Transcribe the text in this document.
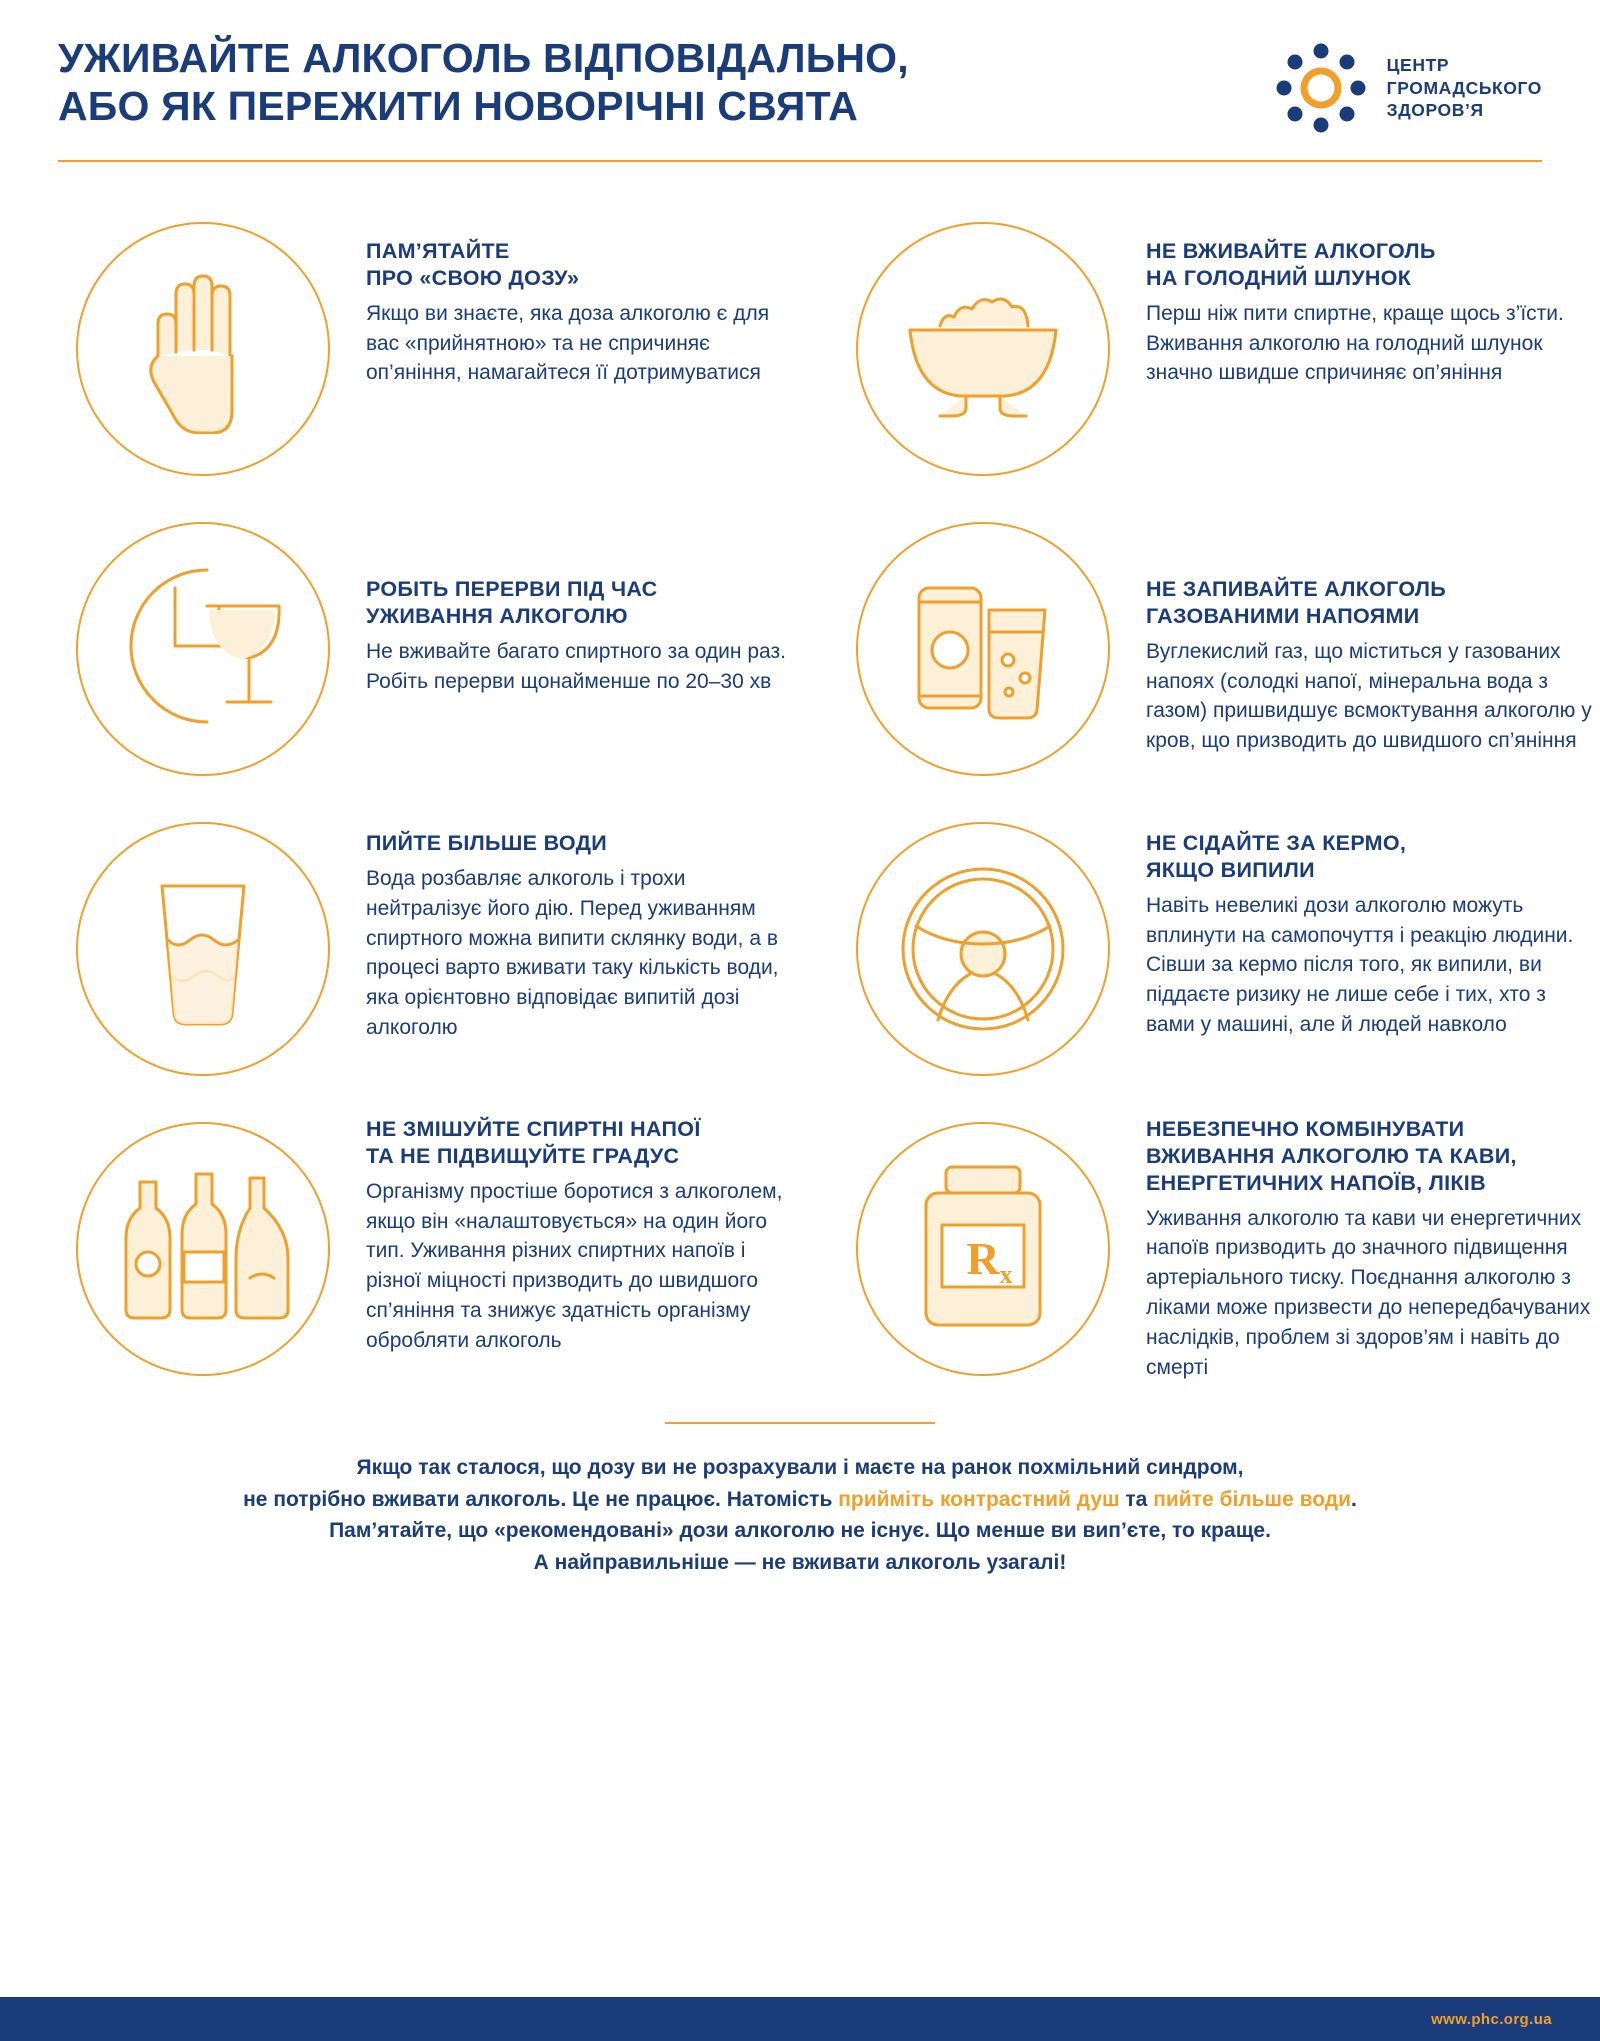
УЖИВАЙТЕ АЛКОГОЛЬ ВІДПОВІДАЛЬНО,
АБО ЯК ПЕРЕЖИТИ НОВОРІЧНІ СВЯТА
ЦЕНТР
ГРОМАДСЬКОГО
ЗДОРОВ’Я
ПАМ’ЯТАЙТЕ
ПРО «СВОЮ ДОЗУ»
Якщо ви знаєте, яка доза алкоголю є для вас «прийнятною» та не спричиняє оп’яніння, намагайтеся її дотримуватися
НЕ ВЖИВАЙТЕ АЛКОГОЛЬ
НА ГОЛОДНИЙ ШЛУНОК
Перш ніж пити спиртне, краще щось з’їсти. Вживання алкоголю на голодний шлунок значно швидше спричиняє оп’яніння
РОБІТЬ ПЕРЕРВИ ПІД ЧАС
УЖИВАННЯ АЛКОГОЛЮ
Не вживайте багато спиртного за один раз. Робіть перерви щонайменше по 20–30 хв
НЕ ЗАПИВАЙТЕ АЛКОГОЛЬ
ГАЗОВАНИМИ НАПОЯМИ
Вуглекислий газ, що міститься у газованих напоях (солодкі напої, мінеральна вода з газом) пришвидшує всмоктування алкоголю у кров, що призводить до швидшого сп’яніння
ПИЙТЕ БІЛЬШЕ ВОДИ
Вода розбавляє алкоголь і трохи нейтралізує його дію. Перед уживанням спиртного можна випити склянку води, а в процесі варто вживати таку кількість води, яка орієнтовно відповідає випитій дозі алкоголю
НЕ СІДАЙТЕ ЗА КЕРМО,
ЯКЩО ВИПИЛИ
Навіть невеликі дози алкоголю можуть вплинути на самопочуття і реакцію людини. Сівши за кермо після того, як випили, ви піддаєте ризику не лише себе і тих, хто з вами у машині, але й людей навколо
НЕ ЗМІШУЙТЕ СПИРТНІ НАПОЇ
ТА НЕ ПІДВИЩУЙТЕ ГРАДУС
Організму простіше боротися з алкоголем, якщо він «налаштовується» на один його тип. Уживання різних спиртних напоїв і різної міцності призводить до швидшого сп’яніння та знижує здатність організму обробляти алкоголь
R x
НЕБЕЗПЕЧНО КОМБІНУВАТИ
ВЖИВАННЯ АЛКОГОЛЮ ТА КАВИ,
ЕНЕРГЕТИЧНИХ НАПОЇВ, ЛІКІВ
Уживання алкоголю та кави чи енергетичних напоїв призводить до значного підвищення артеріального тиску. Поєднання алкоголю з ліками може призвести до непередбачуваних наслідків, проблем зі здоров’ям і навіть до смерті
Якщо так сталося, що дозу ви не розрахували і маєте на ранок похмільний синдром,
не потрібно вживати алкоголь. Це не працює. Натомість прийміть контрастний душ та пийте більше води.
Пам’ятайте, що «рекомендовані» дози алкоголю не існує. Що менше ви вип’єте, то краще.
А найправильніше — не вживати алкоголь узагалі!
www.phc.org.ua
